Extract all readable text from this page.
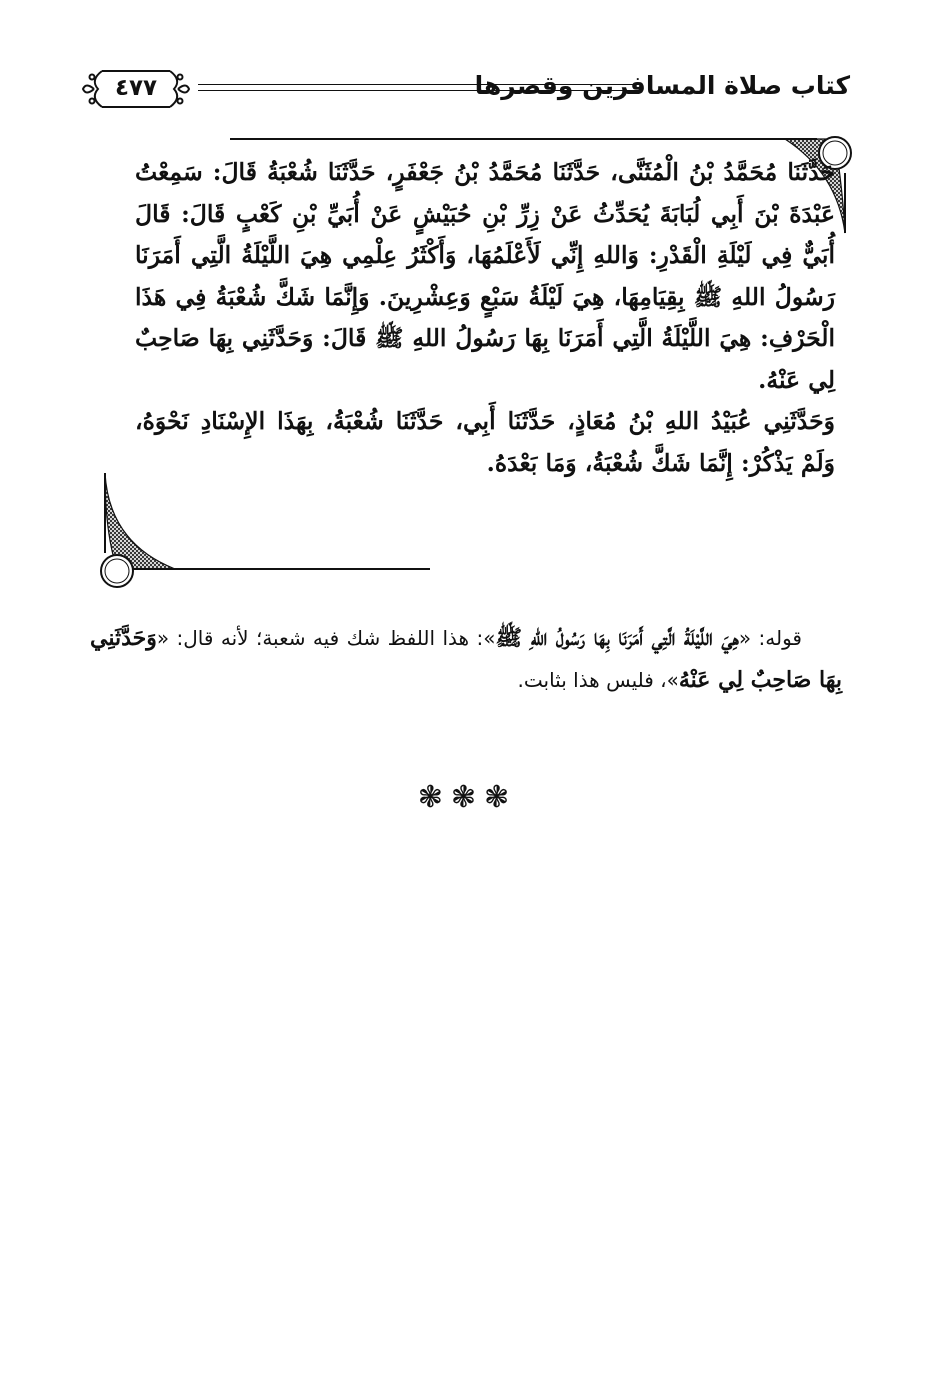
كتاب صلاة المسافرين وقصرها
٤٧٧

حَدَّثَنَا مُحَمَّدُ بْنُ الْمُثَنَّى، حَدَّثَنَا مُحَمَّدُ بْنُ جَعْفَرٍ، حَدَّثَنَا شُعْبَةُ قَالَ: سَمِعْتُ عَبْدَةَ بْنَ أَبِي لُبَابَةَ يُحَدِّثُ عَنْ زِرِّ بْنِ حُبَيْشٍ عَنْ أُبَيِّ بْنِ كَعْبٍ قَالَ: قَالَ أُبَيٌّ فِي لَيْلَةِ الْقَدْرِ: وَاللهِ إِنِّي لَأَعْلَمُهَا، وَأَكْثَرُ عِلْمِي هِيَ اللَّيْلَةُ الَّتِي أَمَرَنَا رَسُولُ اللهِ ﷺ بِقِيَامِهَا، هِيَ لَيْلَةُ سَبْعٍ وَعِشْرِينَ. وَإِنَّمَا شَكَّ شُعْبَةُ فِي هَذَا الْحَرْفِ: هِيَ اللَّيْلَةُ الَّتِي أَمَرَنَا بِهَا رَسُولُ اللهِ ﷺ قَالَ: وَحَدَّثَنِي بِهَا صَاحِبٌ لِي عَنْهُ.

وَحَدَّثَنِي عُبَيْدُ اللهِ بْنُ مُعَاذٍ، حَدَّثَنَا أَبِي، حَدَّثَنَا شُعْبَةُ، بِهَذَا الإِسْنَادِ نَحْوَهُ، وَلَمْ يَذْكُرْ: إِنَّمَا شَكَّ شُعْبَةُ، وَمَا بَعْدَهُ.

قوله: «هِيَ اللَّيْلَةُ الَّتِي أَمَرَنَا بِهَا رَسُولُ اللهِ ﷺ»: هذا اللفظ شك فيه شعبة؛ لأنه قال: «وَحَدَّثَنِي بِهَا صَاحِبٌ لِي عَنْهُ»، فليس هذا بثابت.

❃❃❃
